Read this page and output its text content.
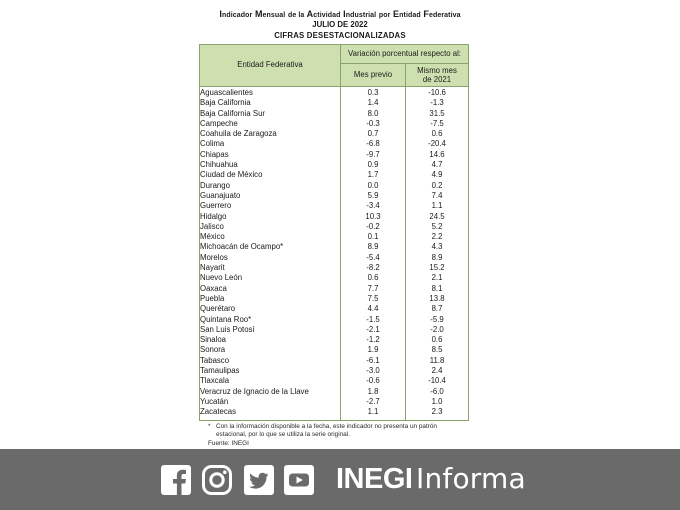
Indicador Mensual de la Actividad Industrial por Entidad Federativa
JULIO DE 2022
CIFRAS DESESTACIONALIZADAS
Entidad Federativa	Variación porcentual respecto al:	
	Mes previo	Mismo mes
de 2021
Aguascalientes	0.3	-10.6
Baja California	1.4	-1.3
Baja California Sur	8.0	31.5
Campeche	-0.3	-7.5
Coahuila de Zaragoza	0.7	0.6
Colima	-6.8	-20.4
Chiapas	-9.7	14.6
Chihuahua	0.9	4.7
Ciudad de México	1.7	4.9
Durango	0.0	0.2
Guanajuato	5.9	7.4
Guerrero	-3.4	1.1
Hidalgo	10.3	24.5
Jalisco	-0.2	5.2
México	0.1	2.2
Michoacán de Ocampo*	8.9	4.3
Morelos	-5.4	8.9
Nayarit	-8.2	15.2
Nuevo León	0.6	2.1
Oaxaca	7.7	8.1
Puebla	7.5	13.8
Querétaro	4.4	8.7
Quintana Roo*	-1.5	-5.9
San Luis Potosí	-2.1	-2.0
Sinaloa	-1.2	0.6
Sonora	1.9	8.5
Tabasco	-6.1	11.8
Tamaulipas	-3.0	2.4
Tlaxcala	-0.6	-10.4
Veracruz de Ignacio de la Llave	1.8	-6.0
Yucatán	-2.7	1.0
Zacatecas	1.1	2.3
* Con la información disponible a la fecha, este indicador no presenta un patrón
estacional, por lo que se utiliza la serie original.
Fuente: INEGI
INEGI Informa
